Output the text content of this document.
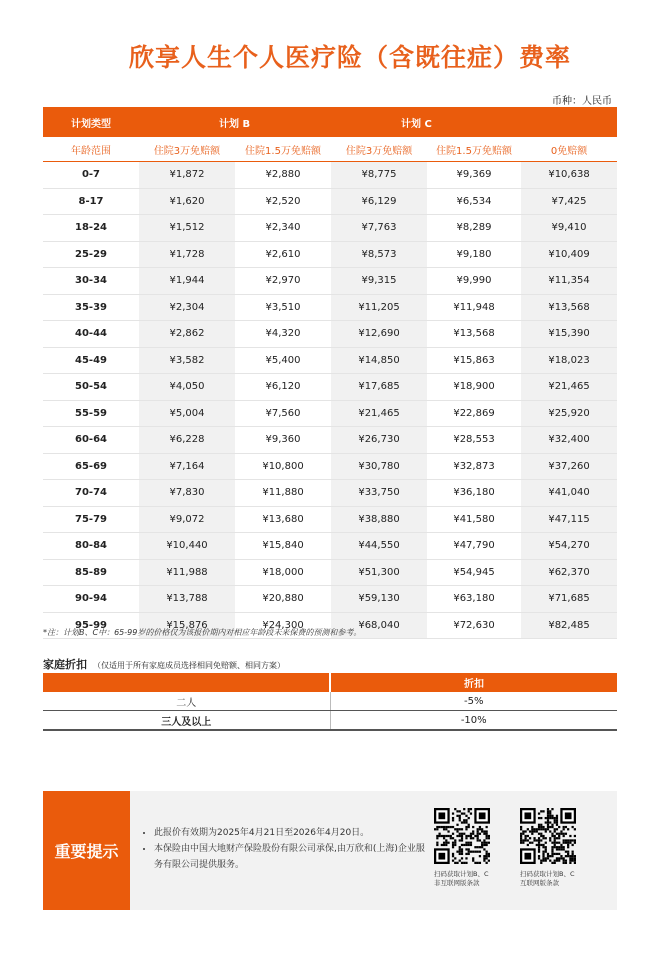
欣享人生个人医疗险（含既往症）费率
币种：人民币
计划类型	计划 B		计划 C		
年龄范围	住院3万免赔额	住院1.5万免赔额	住院3万免赔额	住院1.5万免赔额	0免赔额
0-7	¥1,872	¥2,880	¥8,775	¥9,369	¥10,638
8-17	¥1,620	¥2,520	¥6,129	¥6,534	¥7,425
18-24	¥1,512	¥2,340	¥7,763	¥8,289	¥9,410
25-29	¥1,728	¥2,610	¥8,573	¥9,180	¥10,409
30-34	¥1,944	¥2,970	¥9,315	¥9,990	¥11,354
35-39	¥2,304	¥3,510	¥11,205	¥11,948	¥13,568
40-44	¥2,862	¥4,320	¥12,690	¥13,568	¥15,390
45-49	¥3,582	¥5,400	¥14,850	¥15,863	¥18,023
50-54	¥4,050	¥6,120	¥17,685	¥18,900	¥21,465
55-59	¥5,004	¥7,560	¥21,465	¥22,869	¥25,920
60-64	¥6,228	¥9,360	¥26,730	¥28,553	¥32,400
65-69	¥7,164	¥10,800	¥30,780	¥32,873	¥37,260
70-74	¥7,830	¥11,880	¥33,750	¥36,180	¥41,040
75-79	¥9,072	¥13,680	¥38,880	¥41,580	¥47,115
80-84	¥10,440	¥15,840	¥44,550	¥47,790	¥54,270
85-89	¥11,988	¥18,000	¥51,300	¥54,945	¥62,370
90-94	¥13,788	¥20,880	¥59,130	¥63,180	¥71,685
95-99	¥15,876	¥24,300	¥68,040	¥72,630	¥82,485
*注：计划B、C中：65-99岁的价格仅为该报价期内对相应年龄段未来保费的预测和参考。
家庭折扣 （仅适用于所有家庭成员选择相同免赔额、相同方案）
	折扣
二人	-5%
三人及以上	-10%
重要提示
• 此报价有效期为2025年4月21日至2026年4月20日。
• 本保险由中国大地财产保险股份有限公司承保,由万欣和(上海)企业服务有限公司提供服务。
扫码获取计划B、C
非互联网版条款
扫码获取计划B、C
互联网版条款
